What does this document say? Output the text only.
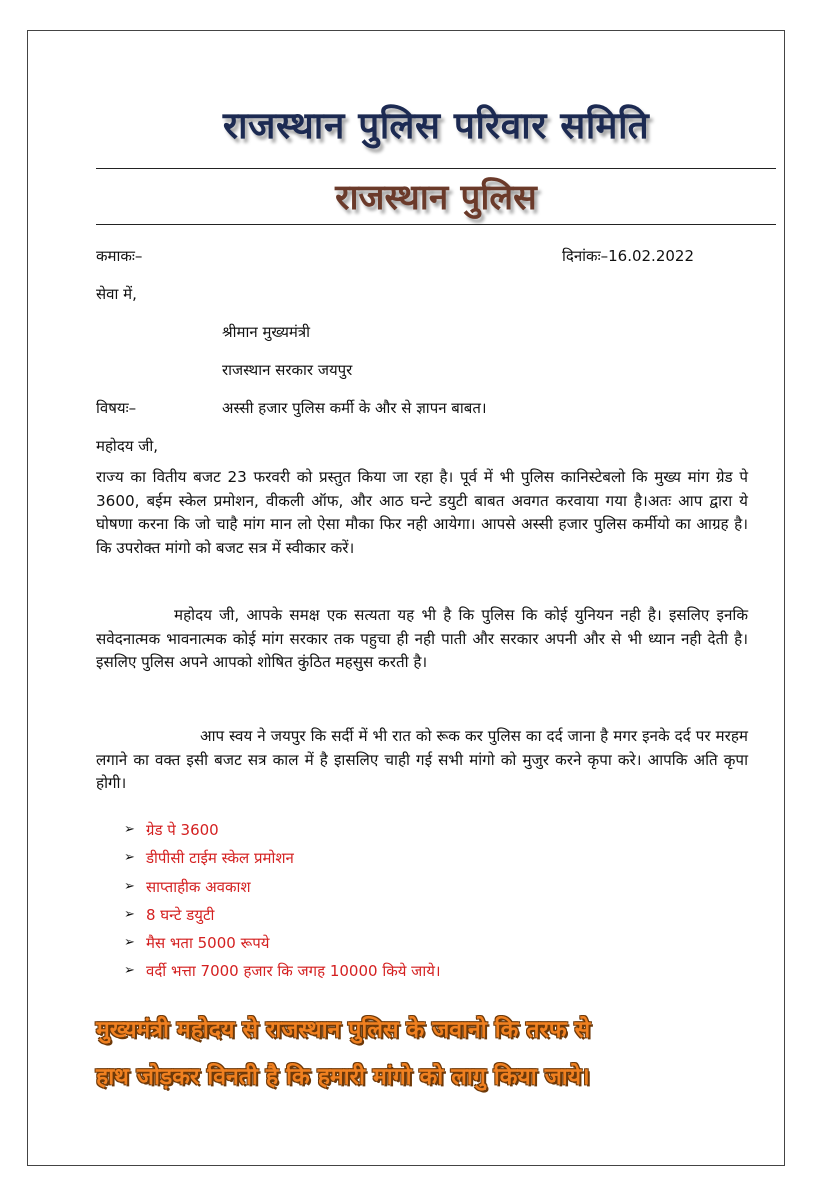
राजस्थान पुलिस परिवार समिति
राजस्थान पुलिस
कमाकः–	दिनांकः–16.02.2022
सेवा में,
श्रीमान मुख्यमंत्री
राजस्थान सरकार जयपुर
विषयः–	अस्सी हजार पुलिस कर्मी के और से ज्ञापन बाबत।
महोदय जी,
राज्य का वितीय बजट 23 फरवरी को प्रस्तुत किया जा रहा है। पूर्व में भी पुलिस कानिस्टेबलो कि मुख्य मांग ग्रेड पे 3600, बईम स्केल प्रमोशन, वीकली ऑफ, और आठ घन्टे डयुटी बाबत अवगत करवाया गया है।अतः आप द्वारा ये घोषणा करना कि जो चाहै मांग मान लो ऐसा मौका फिर नही आयेगा। आपसे अस्सी हजार पुलिस कर्मीयो का आग्रह है। कि उपरोक्त मांगो को बजट सत्र में स्वीकार करें।
महोदय जी, आपके समक्ष एक सत्यता यह भी है कि पुलिस कि कोई युनियन नही है। इसलिए इनकि सवेदनात्मक भावनात्मक कोई मांग सरकार तक पहुचा ही नही पाती और सरकार अपनी और से भी ध्यान नही देती है। इसलिए पुलिस अपने आपको शोषित कुंठित महसुस करती है।
आप स्वय ने जयपुर कि सर्दी में भी रात को रूक कर पुलिस का दर्द जाना है मगर इनके दर्द पर मरहम लगाने का वक्त इसी बजट सत्र काल में है इासलिए चाही गई सभी मांगो को मुजुर करने कृपा करे। आपकि अति कृपा होगी।
➢ ग्रेड पे 3600
➢ डीपीसी टाईम स्केल प्रमोशन
➢ साप्ताहीक अवकाश
➢ 8 घन्टे डयुटी
➢ मैस भता 5000 रूपये
➢ वर्दी भत्ता 7000 हजार कि जगह 10000 किये जाये।
मुख्यमंत्री महोदय से राजस्थान पुलिस के जवानो कि तरफ से
हाथ जोड़कर विनती है कि हमारी मांगो को लागु किया जाये।
